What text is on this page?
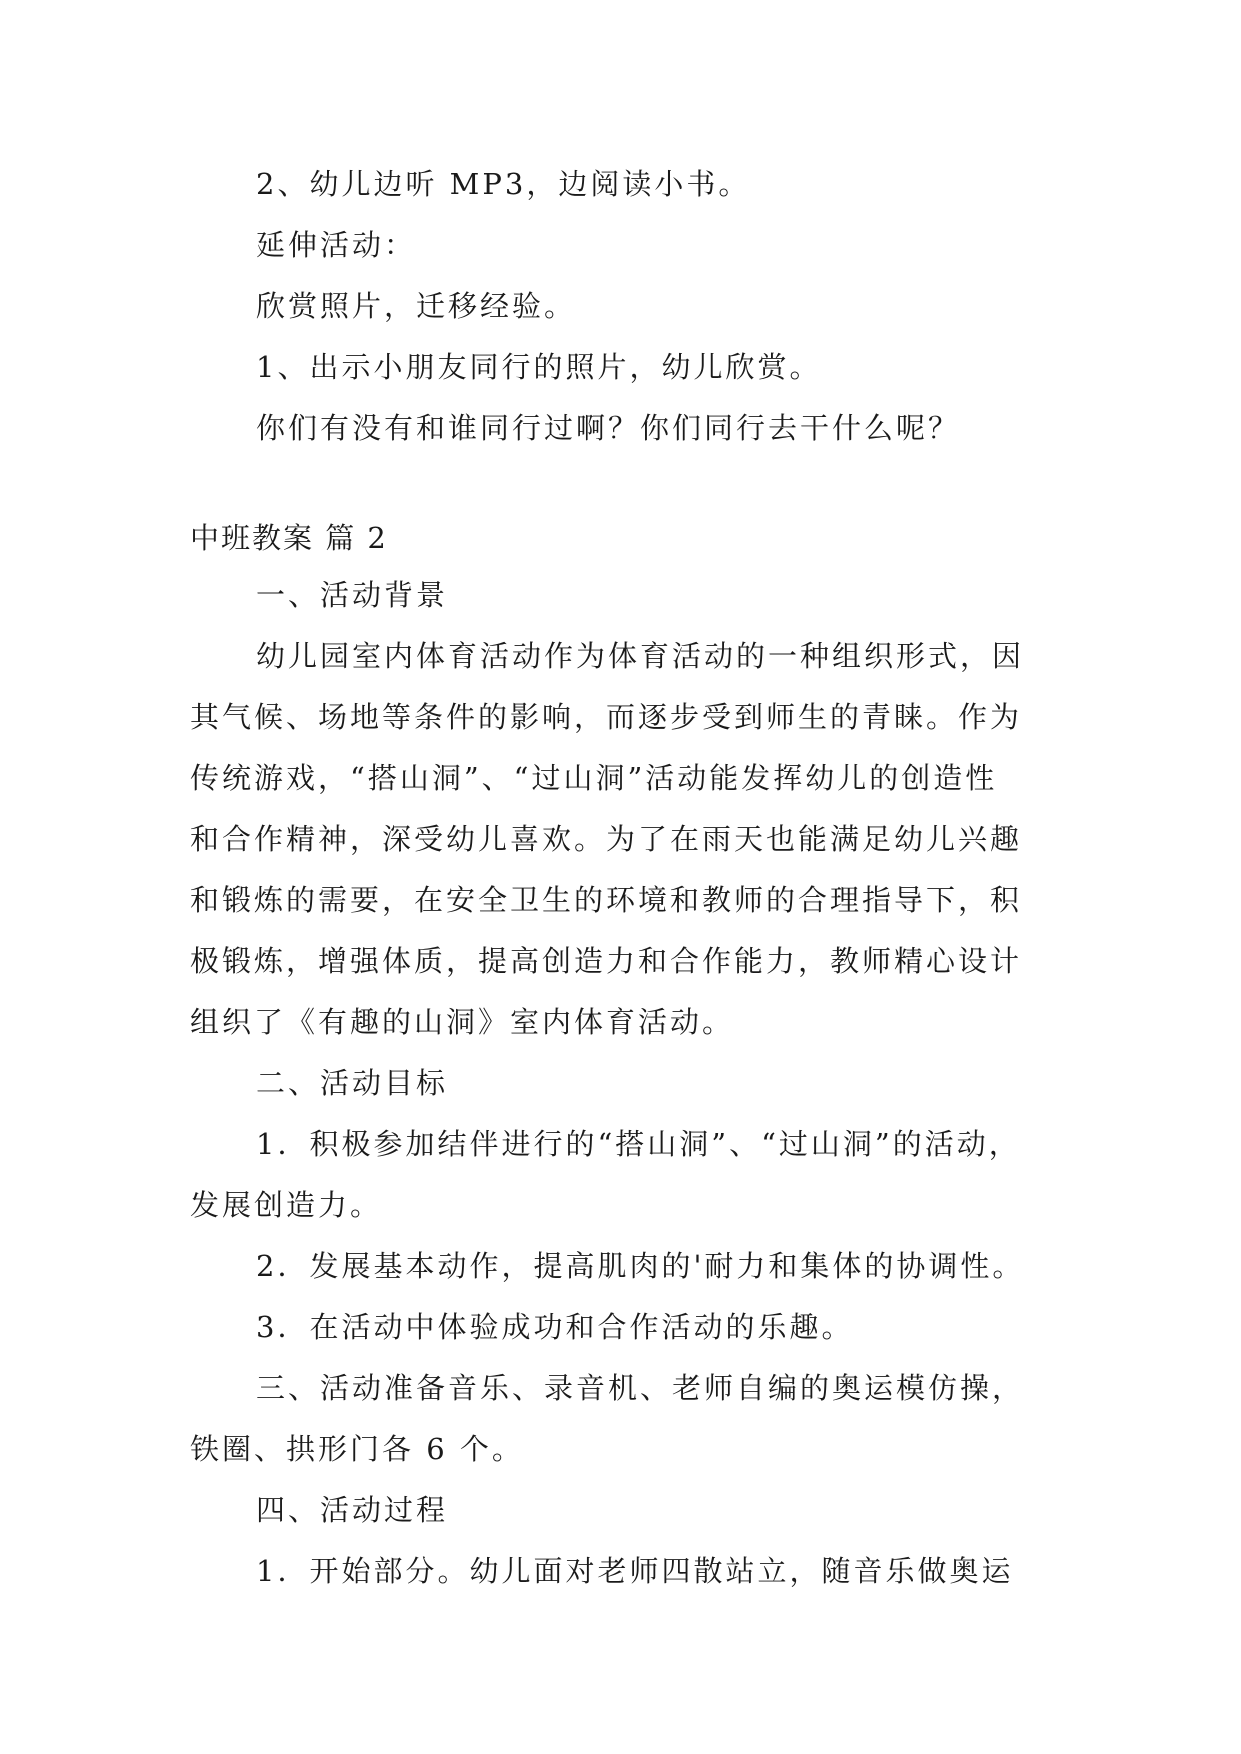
2、幼儿边听 MP3，边阅读小书。
延伸活动：
欣赏照片，迁移经验。
1、出示小朋友同行的照片，幼儿欣赏。
你们有没有和谁同行过啊？你们同行去干什么呢？
中班教案 篇 2
一、活动背景
幼儿园室内体育活动作为体育活动的一种组织形式，因
其气候、场地等条件的影响，而逐步受到师生的青睐。作为
传统游戏，“搭山洞”、“过山洞”活动能发挥幼儿的创造性
和合作精神，深受幼儿喜欢。为了在雨天也能满足幼儿兴趣
和锻炼的需要，在安全卫生的环境和教师的合理指导下，积
极锻炼，增强体质，提高创造力和合作能力，教师精心设计
组织了《有趣的山洞》室内体育活动。
二、活动目标
1．积极参加结伴进行的“搭山洞”、“过山洞”的活动，
发展创造力。
2．发展基本动作，提高肌肉的'耐力和集体的协调性。
3．在活动中体验成功和合作活动的乐趣。
三、活动准备音乐、录音机、老师自编的奥运模仿操，
铁圈、拱形门各 6 个。
四、活动过程
1．开始部分。幼儿面对老师四散站立，随音乐做奥运
